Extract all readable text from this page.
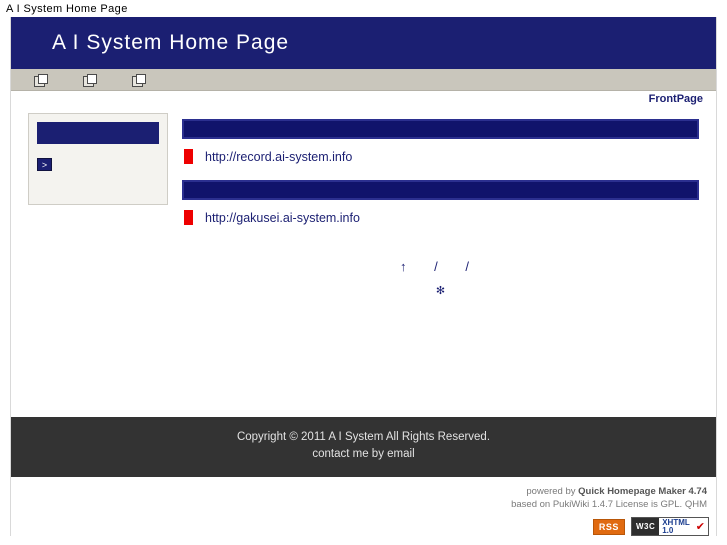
A I System Home Page
A I System Home Page
FrontPage
>
http://record.ai-system.info
http://gakusei.ai-system.info
↑ / /
✻
Copyright © 2011 A I System All Rights Reserved.
contact me by email
powered by Quick Homepage Maker 4.74
based on PukiWiki 1.4.7 License is GPL. QHM
RSS	W3C XHTML
1.0	✔
